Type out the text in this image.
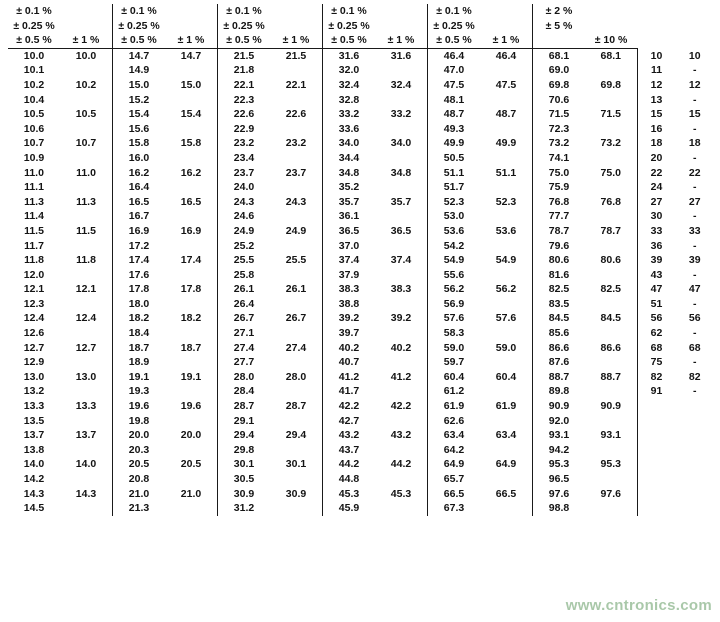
± 0.1 %		± 0.1 %		± 0.1 %		± 0.1 %		± 0.1 %		± 2 %			
± 0.25 %		± 0.25 %		± 0.25 %		± 0.25 %		± 0.25 %		± 5 %			
± 0.5 %	± 1 %	± 0.5 %	± 1 %	± 0.5 %	± 1 %	± 0.5 %	± 1 %	± 0.5 %	± 1 %		± 10 %		
10.0	10.0	14.7	14.7	21.5	21.5	31.6	31.6	46.4	46.4	68.1	68.1	10	10
10.1		14.9		21.8		32.0		47.0		69.0		11	-
10.2	10.2	15.0	15.0	22.1	22.1	32.4	32.4	47.5	47.5	69.8	69.8	12	12
10.4		15.2		22.3		32.8		48.1		70.6		13	-
10.5	10.5	15.4	15.4	22.6	22.6	33.2	33.2	48.7	48.7	71.5	71.5	15	15
10.6		15.6		22.9		33.6		49.3		72.3		16	-
10.7	10.7	15.8	15.8	23.2	23.2	34.0	34.0	49.9	49.9	73.2	73.2	18	18
10.9		16.0		23.4		34.4		50.5		74.1		20	-
11.0	11.0	16.2	16.2	23.7	23.7	34.8	34.8	51.1	51.1	75.0	75.0	22	22
11.1		16.4		24.0		35.2		51.7		75.9		24	-
11.3	11.3	16.5	16.5	24.3	24.3	35.7	35.7	52.3	52.3	76.8	76.8	27	27
11.4		16.7		24.6		36.1		53.0		77.7		30	-
11.5	11.5	16.9	16.9	24.9	24.9	36.5	36.5	53.6	53.6	78.7	78.7	33	33
11.7		17.2		25.2		37.0		54.2		79.6		36	-
11.8	11.8	17.4	17.4	25.5	25.5	37.4	37.4	54.9	54.9	80.6	80.6	39	39
12.0		17.6		25.8		37.9		55.6		81.6		43	-
12.1	12.1	17.8	17.8	26.1	26.1	38.3	38.3	56.2	56.2	82.5	82.5	47	47
12.3		18.0		26.4		38.8		56.9		83.5		51	-
12.4	12.4	18.2	18.2	26.7	26.7	39.2	39.2	57.6	57.6	84.5	84.5	56	56
12.6		18.4		27.1		39.7		58.3		85.6		62	-
12.7	12.7	18.7	18.7	27.4	27.4	40.2	40.2	59.0	59.0	86.6	86.6	68	68
12.9		18.9		27.7		40.7		59.7		87.6		75	-
13.0	13.0	19.1	19.1	28.0	28.0	41.2	41.2	60.4	60.4	88.7	88.7	82	82
13.2		19.3		28.4		41.7		61.2		89.8		91	-
13.3	13.3	19.6	19.6	28.7	28.7	42.2	42.2	61.9	61.9	90.9	90.9		
13.5		19.8		29.1		42.7		62.6		92.0			
13.7	13.7	20.0	20.0	29.4	29.4	43.2	43.2	63.4	63.4	93.1	93.1		
13.8		20.3		29.8		43.7		64.2		94.2			
14.0	14.0	20.5	20.5	30.1	30.1	44.2	44.2	64.9	64.9	95.3	95.3		
14.2		20.8		30.5		44.8		65.7		96.5			
14.3	14.3	21.0	21.0	30.9	30.9	45.3	45.3	66.5	66.5	97.6	97.6		
14.5		21.3		31.2		45.9		67.3		98.8			
www.cntronics.com
